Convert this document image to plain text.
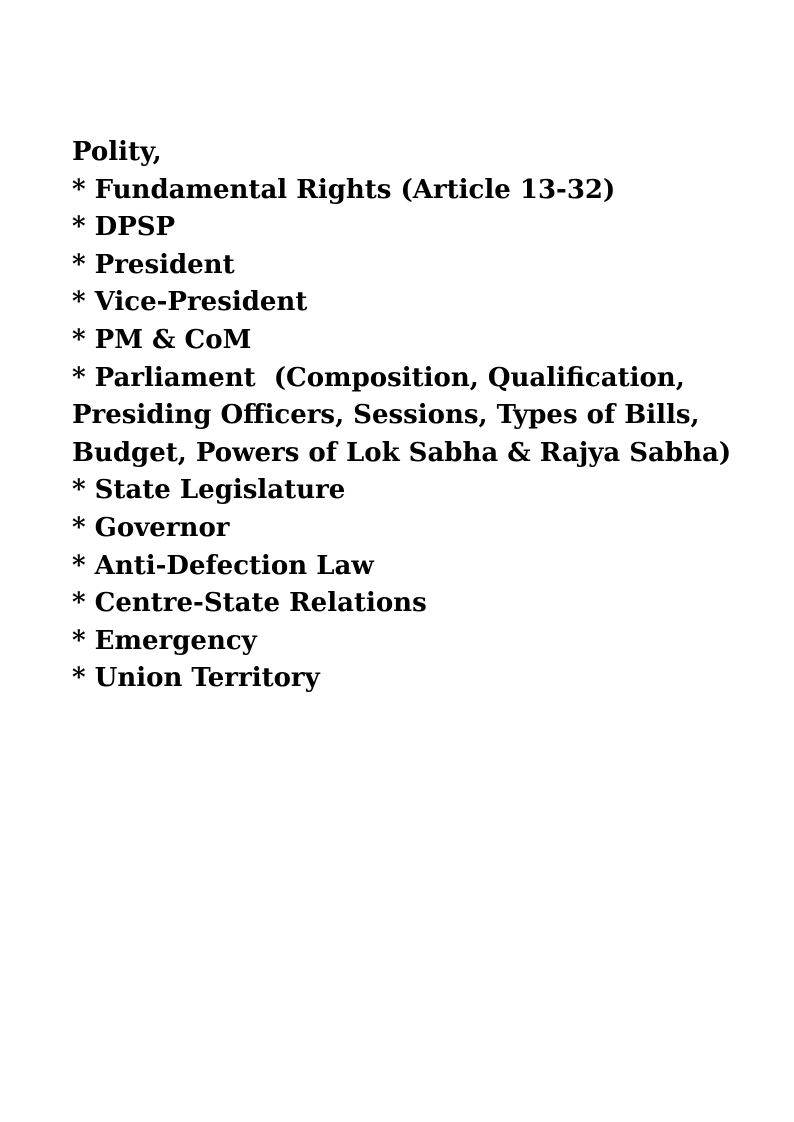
Polity,
* Fundamental Rights (Article 13-32)
* DPSP
* President
* Vice-President
* PM & CoM
* Parliament  (Composition, Qualification,
Presiding Officers, Sessions, Types of Bills,
Budget, Powers of Lok Sabha & Rajya Sabha)
* State Legislature
* Governor
* Anti-Defection Law
* Centre-State Relations
* Emergency
* Union Territory
